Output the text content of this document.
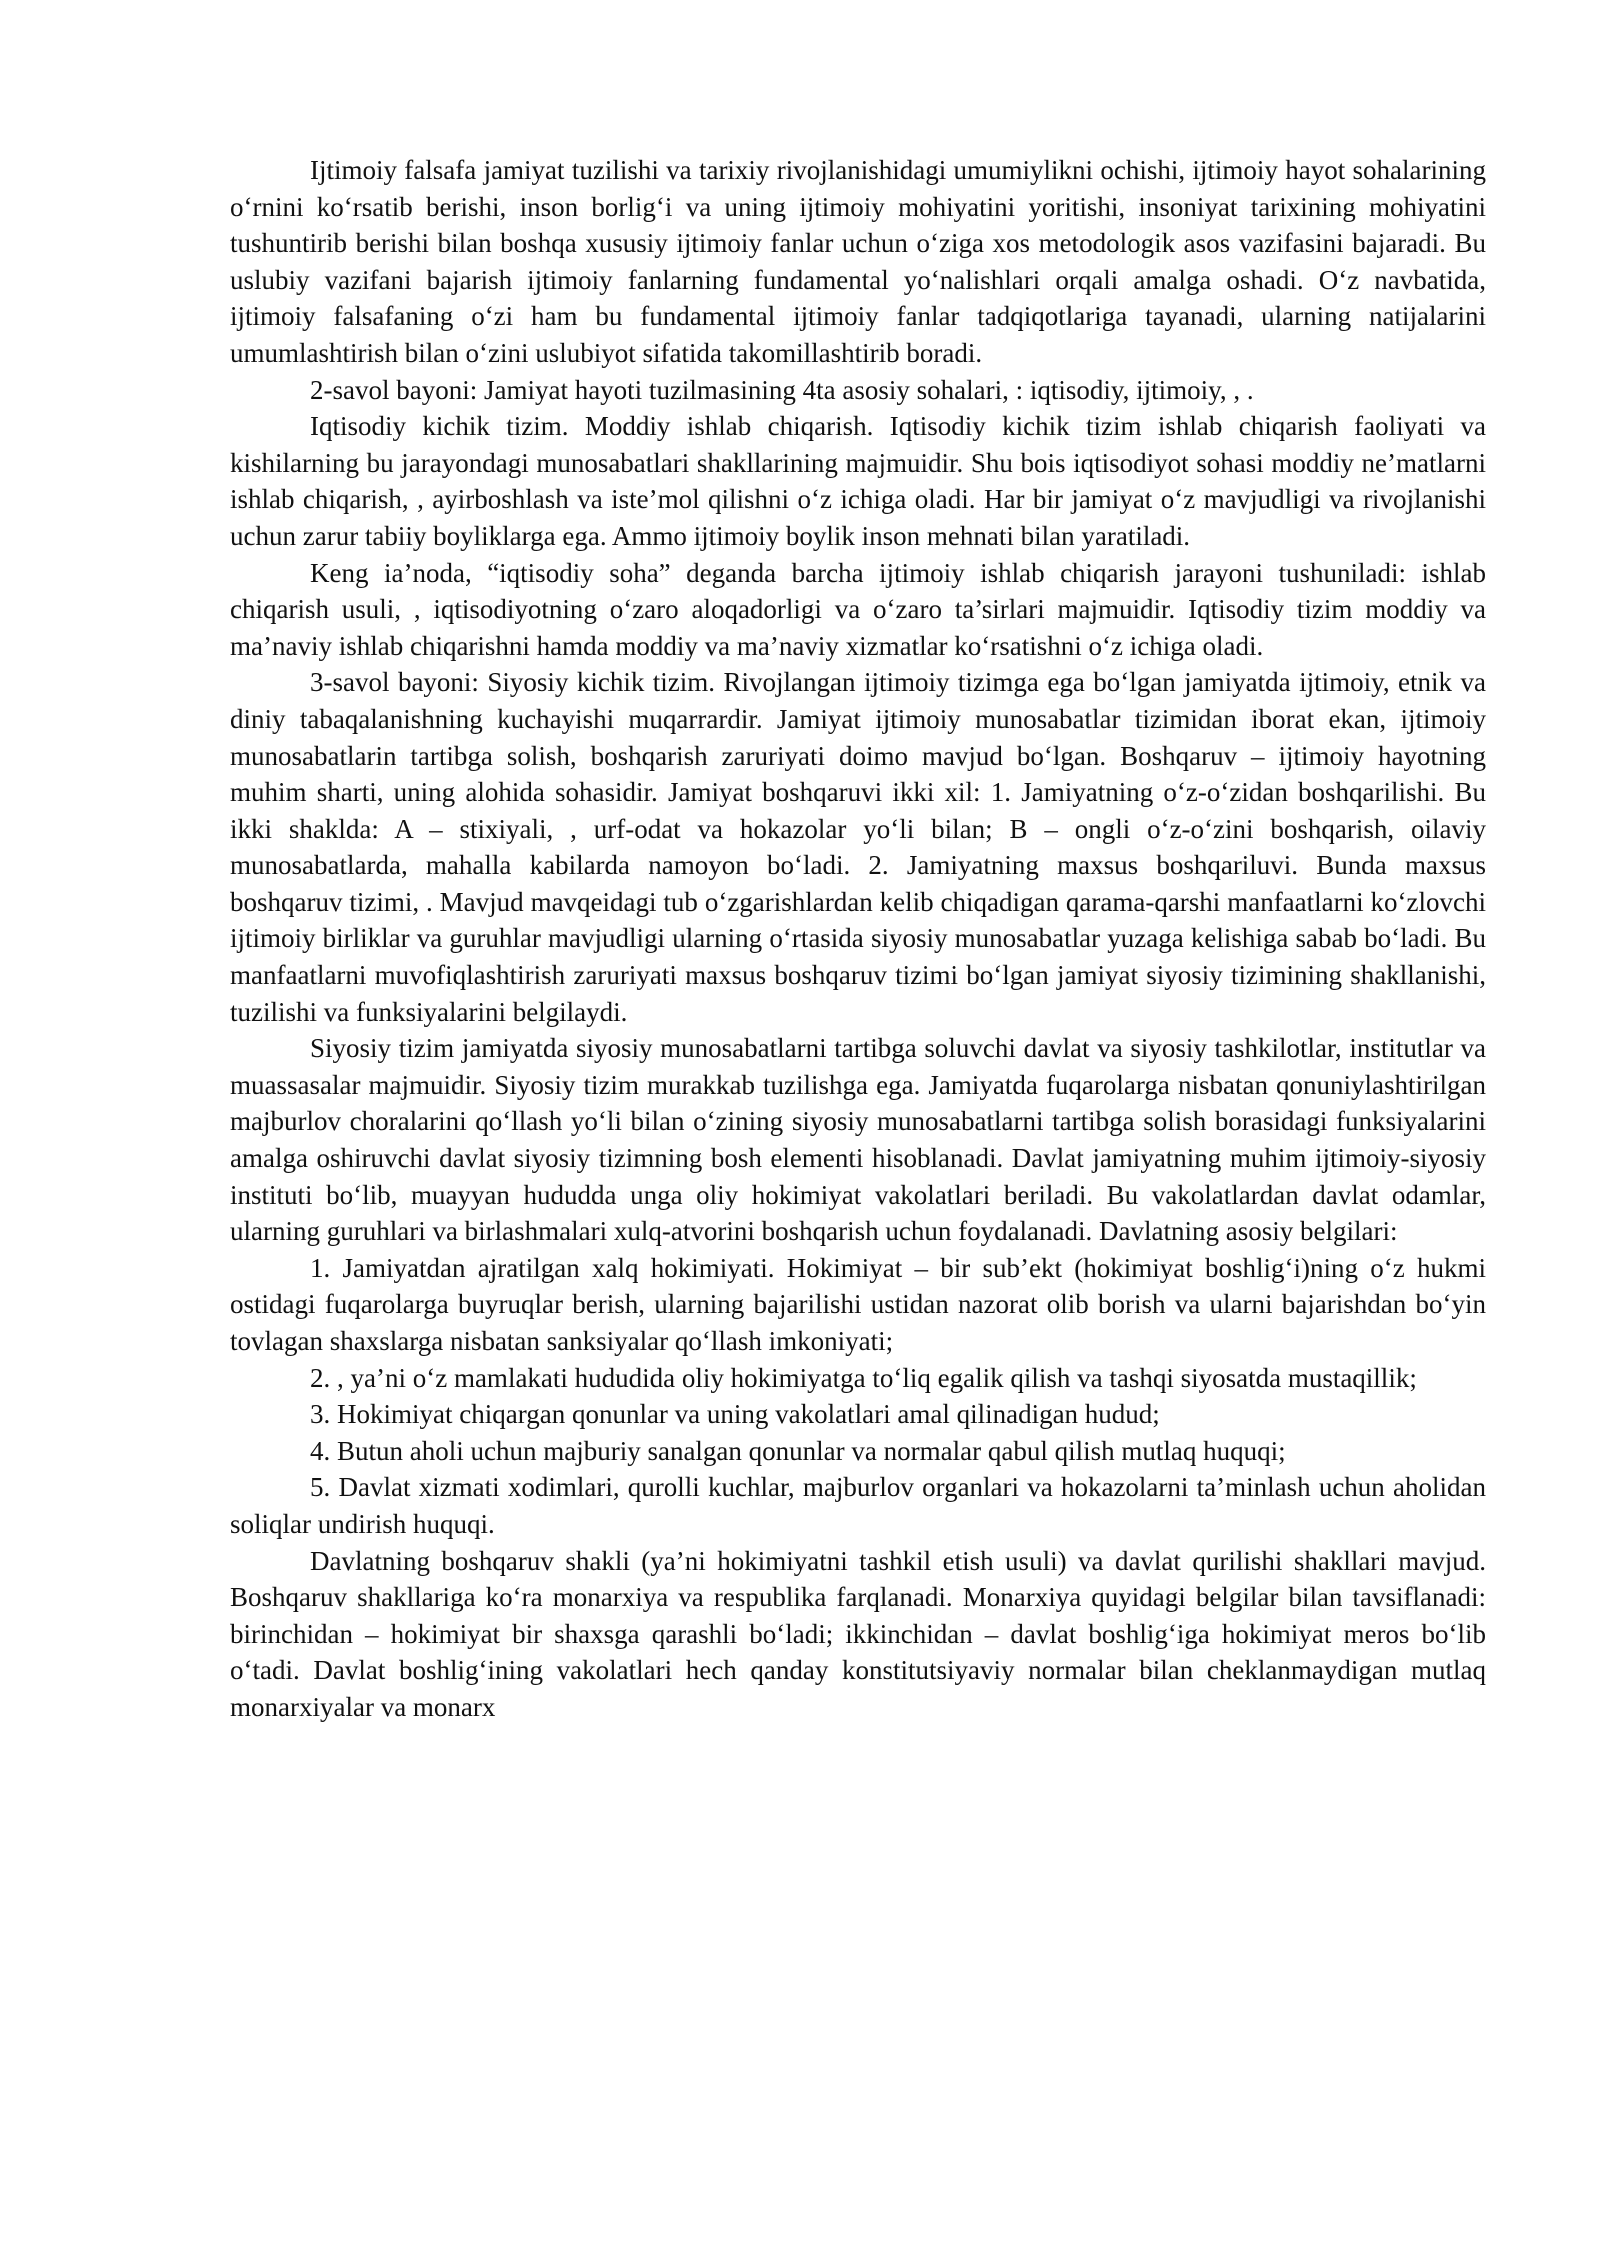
Ijtimoiy falsafa jamiyat tuzilishi va tarixiy rivojlanishidagi umumiylikni ochishi, ijtimoiy hayot sohalarining o‘rnini ko‘rsatib berishi, inson borlig‘i va uning ijtimoiy mohiyatini yoritishi, insoniyat tarixining mohiyatini tushuntirib berishi bilan boshqa xususiy ijtimoiy fanlar uchun o‘ziga xos metodologik asos vazifasini bajaradi. Bu uslubiy vazifani bajarish ijtimoiy fanlarning fundamental yo‘nalishlari orqali amalga oshadi. O‘z navbatida, ijtimoiy falsafaning o‘zi ham bu fundamental ijtimoiy fanlar tadqiqotlariga tayanadi, ularning natijalarini umumlashtirish bilan o‘zini uslubiyot sifatida takomillashtirib boradi.

2-savol bayoni: Jamiyat hayoti tuzilmasining 4ta asosiy sohalari, : iqtisodiy, ijtimoiy, , .

Iqtisodiy kichik tizim. Moddiy ishlab chiqarish. Iqtisodiy kichik tizim ishlab chiqarish faoliyati va kishilarning bu jarayondagi munosabatlari shakllarining majmuidir. Shu bois iqtisodiyot sohasi moddiy ne’matlarni ishlab chiqarish, , ayirboshlash va iste’mol qilishni o‘z ichiga oladi. Har bir jamiyat o‘z mavjudligi va rivojlanishi uchun zarur tabiiy boyliklarga ega. Ammo ijtimoiy boylik inson mehnati bilan yaratiladi.

Keng ia’noda, “iqtisodiy soha” deganda barcha ijtimoiy ishlab chiqarish jarayoni tushuniladi: ishlab chiqarish usuli, , iqtisodiyotning o‘zaro aloqadorligi va o‘zaro ta’sirlari majmuidir. Iqtisodiy tizim moddiy va ma’naviy ishlab chiqarishni hamda moddiy va ma’naviy xizmatlar ko‘rsatishni o‘z ichiga oladi.

3-savol bayoni: Siyosiy kichik tizim. Rivojlangan ijtimoiy tizimga ega bo‘lgan jamiyatda ijtimoiy, etnik va diniy tabaqalanishning kuchayishi muqarrardir. Jamiyat ijtimoiy munosabatlar tizimidan iborat ekan, ijtimoiy munosabatlarin tartibga solish, boshqarish zaruriyati doimo mavjud bo‘lgan. Boshqaruv – ijtimoiy hayotning muhim sharti, uning alohida sohasidir. Jamiyat boshqaruvi ikki xil: 1. Jamiyatning o‘z-o‘zidan boshqarilishi. Bu ikki shaklda: A – stixiyali, , urf-odat va hokazolar yo‘li bilan; B – ongli o‘z-o‘zini boshqarish, oilaviy munosabatlarda, mahalla kabilarda namoyon bo‘ladi. 2. Jamiyatning maxsus boshqariluvi. Bunda maxsus boshqaruv tizimi, . Mavjud mavqeidagi tub o‘zgarishlardan kelib chiqadigan qarama-qarshi manfaatlarni ko‘zlovchi ijtimoiy birliklar va guruhlar mavjudligi ularning o‘rtasida siyosiy munosabatlar yuzaga kelishiga sabab bo‘ladi. Bu manfaatlarni muvofiqlashtirish zaruriyati maxsus boshqaruv tizimi bo‘lgan jamiyat siyosiy tizimining shakllanishi, tuzilishi va funksiyalarini belgilaydi.

Siyosiy tizim jamiyatda siyosiy munosabatlarni tartibga soluvchi davlat va siyosiy tashkilotlar, institutlar va muassasalar majmuidir. Siyosiy tizim murakkab tuzilishga ega. Jamiyatda fuqarolarga nisbatan qonuniylashtirilgan majburlov choralarini qo‘llash yo‘li bilan o‘zining siyosiy munosabatlarni tartibga solish borasidagi funksiyalarini amalga oshiruvchi davlat siyosiy tizimning bosh elementi hisoblanadi. Davlat jamiyatning muhim ijtimoiy-siyosiy instituti bo‘lib, muayyan hududda unga oliy hokimiyat vakolatlari beriladi. Bu vakolatlardan davlat odamlar, ularning guruhlari va birlashmalari xulq-atvorini boshqarish uchun foydalanadi. Davlatning asosiy belgilari:

1. Jamiyatdan ajratilgan xalq hokimiyati. Hokimiyat – bir sub’ekt (hokimiyat boshlig‘i)ning o‘z hukmi ostidagi fuqarolarga buyruqlar berish, ularning bajarilishi ustidan nazorat olib borish va ularni bajarishdan bo‘yin tovlagan shaxslarga nisbatan sanksiyalar qo‘llash imkoniyati;

2. , ya’ni o‘z mamlakati hududida oliy hokimiyatga to‘liq egalik qilish va tashqi siyosatda mustaqillik;

3. Hokimiyat chiqargan qonunlar va uning vakolatlari amal qilinadigan hudud;

4. Butun aholi uchun majburiy sanalgan qonunlar va normalar qabul qilish mutlaq huquqi;

5. Davlat xizmati xodimlari, qurolli kuchlar, majburlov organlari va hokazolarni ta’minlash uchun aholidan soliqlar undirish huquqi.

Davlatning boshqaruv shakli (ya’ni hokimiyatni tashkil etish usuli) va davlat qurilishi shakllari mavjud. Boshqaruv shakllariga ko‘ra monarxiya va respublika farqlanadi. Monarxiya quyidagi belgilar bilan tavsiflanadi: birinchidan – hokimiyat bir shaxsga qarashli bo‘ladi; ikkinchidan – davlat boshlig‘iga hokimiyat meros bo‘lib o‘tadi. Davlat boshlig‘ining vakolatlari hech qanday konstitutsiyaviy normalar bilan cheklanmaydigan mutlaq monarxiyalar va monarx
